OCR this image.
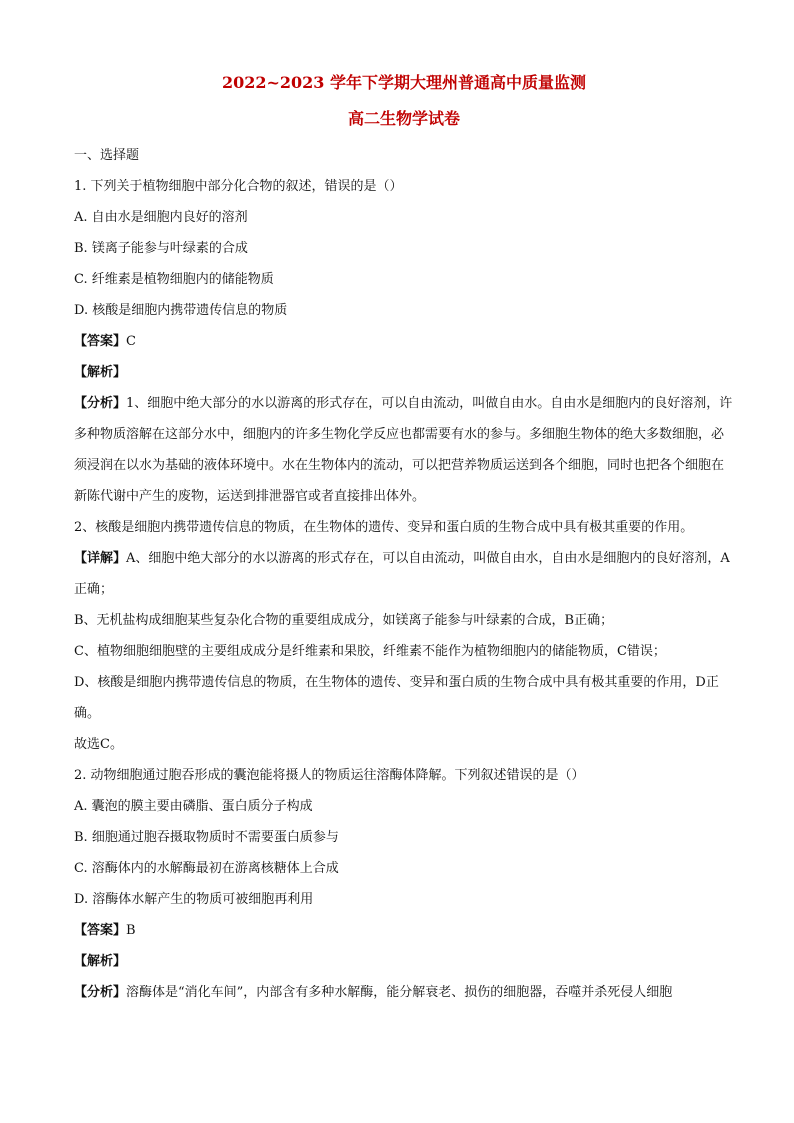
2022~2023 学年下学期大理州普通高中质量监测
高二生物学试卷

一、选择题

1. 下列关于植物细胞中部分化合物的叙述，错误的是（）

A. 自由水是细胞内良好的溶剂

B. 镁离子能参与叶绿素的合成

C. 纤维素是植物细胞内的储能物质

D. 核酸是细胞内携带遗传信息的物质

【答案】C

【解析】

【分析】1、细胞中绝大部分的水以游离的形式存在，可以自由流动，叫做自由水。自由水是细胞内的良好溶剂，许多种物质溶解在这部分水中，细胞内的许多生物化学反应也都需要有水的参与。多细胞生物体的绝大多数细胞，必须浸润在以水为基础的液体环境中。水在生物体内的流动，可以把营养物质运送到各个细胞，同时也把各个细胞在新陈代谢中产生的废物，运送到排泄器官或者直接排出体外。

2、核酸是细胞内携带遗传信息的物质，在生物体的遗传、变异和蛋白质的生物合成中具有极其重要的作用。

【详解】A、细胞中绝大部分的水以游离的形式存在，可以自由流动，叫做自由水，自由水是细胞内的良好溶剂，A正确；

B、无机盐构成细胞某些复杂化合物的重要组成成分，如镁离子能参与叶绿素的合成，B正确；

C、植物细胞细胞壁的主要组成成分是纤维素和果胶，纤维素不能作为植物细胞内的储能物质，C错误；

D、核酸是细胞内携带遗传信息的物质，在生物体的遗传、变异和蛋白质的生物合成中具有极其重要的作用，D正确。

故选C。

2. 动物细胞通过胞吞形成的囊泡能将摄人的物质运往溶酶体降解。下列叙述错误的是（）

A. 囊泡的膜主要由磷脂、蛋白质分子构成

B. 细胞通过胞吞摄取物质时不需要蛋白质参与

C. 溶酶体内的水解酶最初在游离核糖体上合成

D. 溶酶体水解产生的物质可被细胞再利用

【答案】B

【解析】

【分析】溶酶体是“消化车间”，内部含有多种水解酶，能分解衰老、损伤的细胞器，吞噬并杀死侵人细胞
